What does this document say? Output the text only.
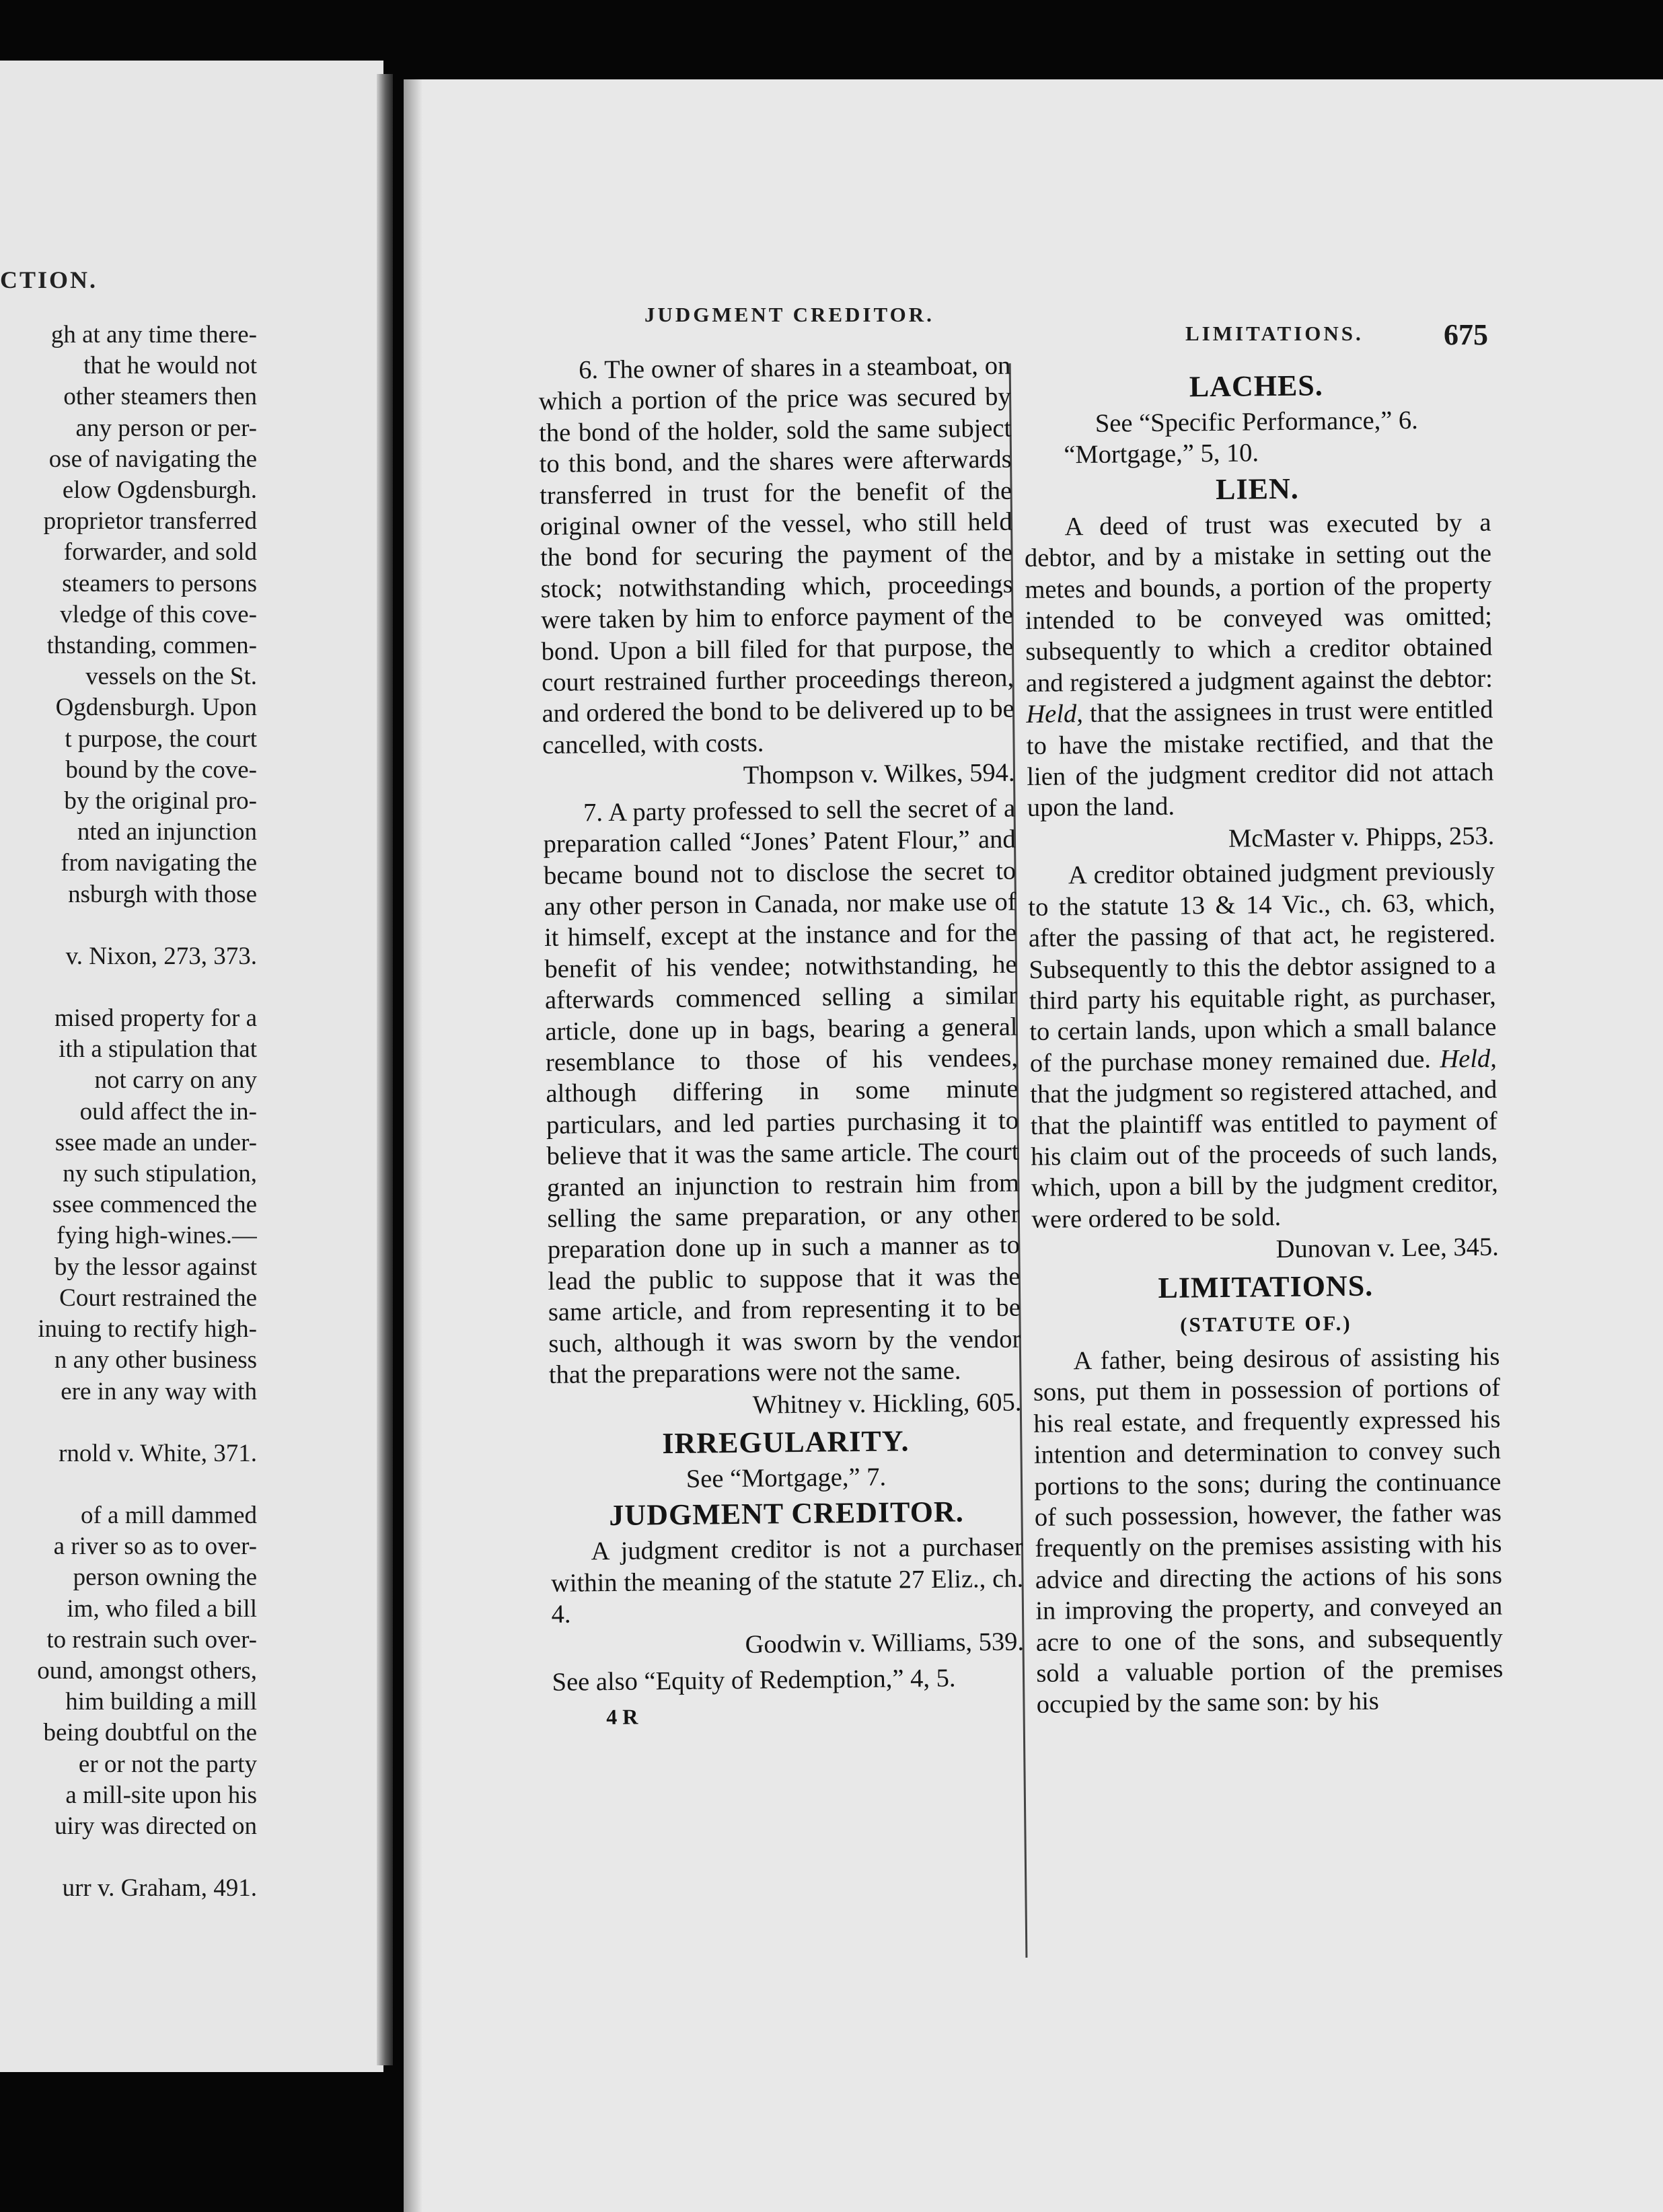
CTION.
gh at any time there-
that he would not
other steamers then
any person or per-
ose of navigating the
elow Ogdensburgh.
proprietor transferred
forwarder, and sold
steamers to persons
vledge of this cove-
thstanding, commen-
vessels on the St.
Ogdensburgh. Upon
t purpose, the court
bound by the cove-
by the original pro-
nted an injunction
from navigating the
nsburgh with those
v. Nixon, 273, 373.
mised property for a
ith a stipulation that
not carry on any
ould affect the in-
ssee made an under-
ny such stipulation,
ssee commenced the
fying high-wines.—
by the lessor against
Court restrained the
inuing to rectify high-
n any other business
ere in any way with
rnold v. White, 371.
of a mill dammed
a river so as to over-
person owning the
im, who filed a bill
to restrain such over-
ound, amongst others,
him building a mill
being doubtful on the
er or not the party
a mill-site upon his
uiry was directed on
urr v. Graham, 491.
JUDGMENT CREDITOR.
LIMITATIONS.	675

6. The owner of shares in a steamboat, on which a portion of the price was secured by the bond of the holder, sold the same subject to this bond, and the shares were afterwards transferred in trust for the benefit of the original owner of the vessel, who still held the bond for securing the payment of the stock; notwithstanding which, proceedings were taken by him to enforce payment of the bond. Upon a bill filed for that purpose, the court restrained further proceedings thereon, and ordered the bond to be delivered up to be cancelled, with costs.

Thompson v. Wilkes, 594.

7. A party professed to sell the secret of a preparation called “Jones’ Patent Flour,” and became bound not to disclose the secret to any other person in Canada, nor make use of it himself, except at the instance and for the benefit of his vendee; notwithstanding, he afterwards commenced selling a similar article, done up in bags, bearing a general resemblance to those of his vendees, although differing in some minute particulars, and led parties purchasing it to believe that it was the same article. The court granted an injunction to restrain him from selling the same preparation, or any other preparation done up in such a manner as to lead the public to suppose that it was the same article, and from representing it to be such, although it was sworn by the vendor that the preparations were not the same.

Whitney v. Hickling, 605.
IRREGULARITY.
See “Mortgage,” 7.
JUDGMENT CREDITOR.

A judgment creditor is not a purchaser within the meaning of the statute 27 Eliz., ch. 4.

Goodwin v. Williams, 539.
See also “Equity of Redemption,” 4, 5.
4 R
LACHES.
See “Specific Performance,” 6.
“Mortgage,” 5, 10.
LIEN.

A deed of trust was executed by a debtor, and by a mistake in setting out the metes and bounds, a portion of the property intended to be conveyed was omitted; subsequently to which a creditor obtained and registered a judgment against the debtor: Held, that the assignees in trust were entitled to have the mistake rectified, and that the lien of the judgment creditor did not attach upon the land.

McMaster v. Phipps, 253.

A creditor obtained judgment previously to the statute 13 & 14 Vic., ch. 63, which, after the passing of that act, he registered. Subsequently to this the debtor assigned to a third party his equitable right, as purchaser, to certain lands, upon which a small balance of the purchase money remained due. Held, that the judgment so registered attached, and that the plaintiff was entitled to payment of his claim out of the proceeds of such lands, which, upon a bill by the judgment creditor, were ordered to be sold.

Dunovan v. Lee, 345.
LIMITATIONS.
(STATUTE OF.)

A father, being desirous of assisting his sons, put them in possession of portions of his real estate, and frequently expressed his intention and determination to convey such portions to the sons; during the continuance of such possession, however, the father was frequently on the premises assisting with his advice and directing the actions of his sons in improving the property, and conveyed an acre to one of the sons, and subsequently sold a valuable portion of the premises occupied by the same son: by his
